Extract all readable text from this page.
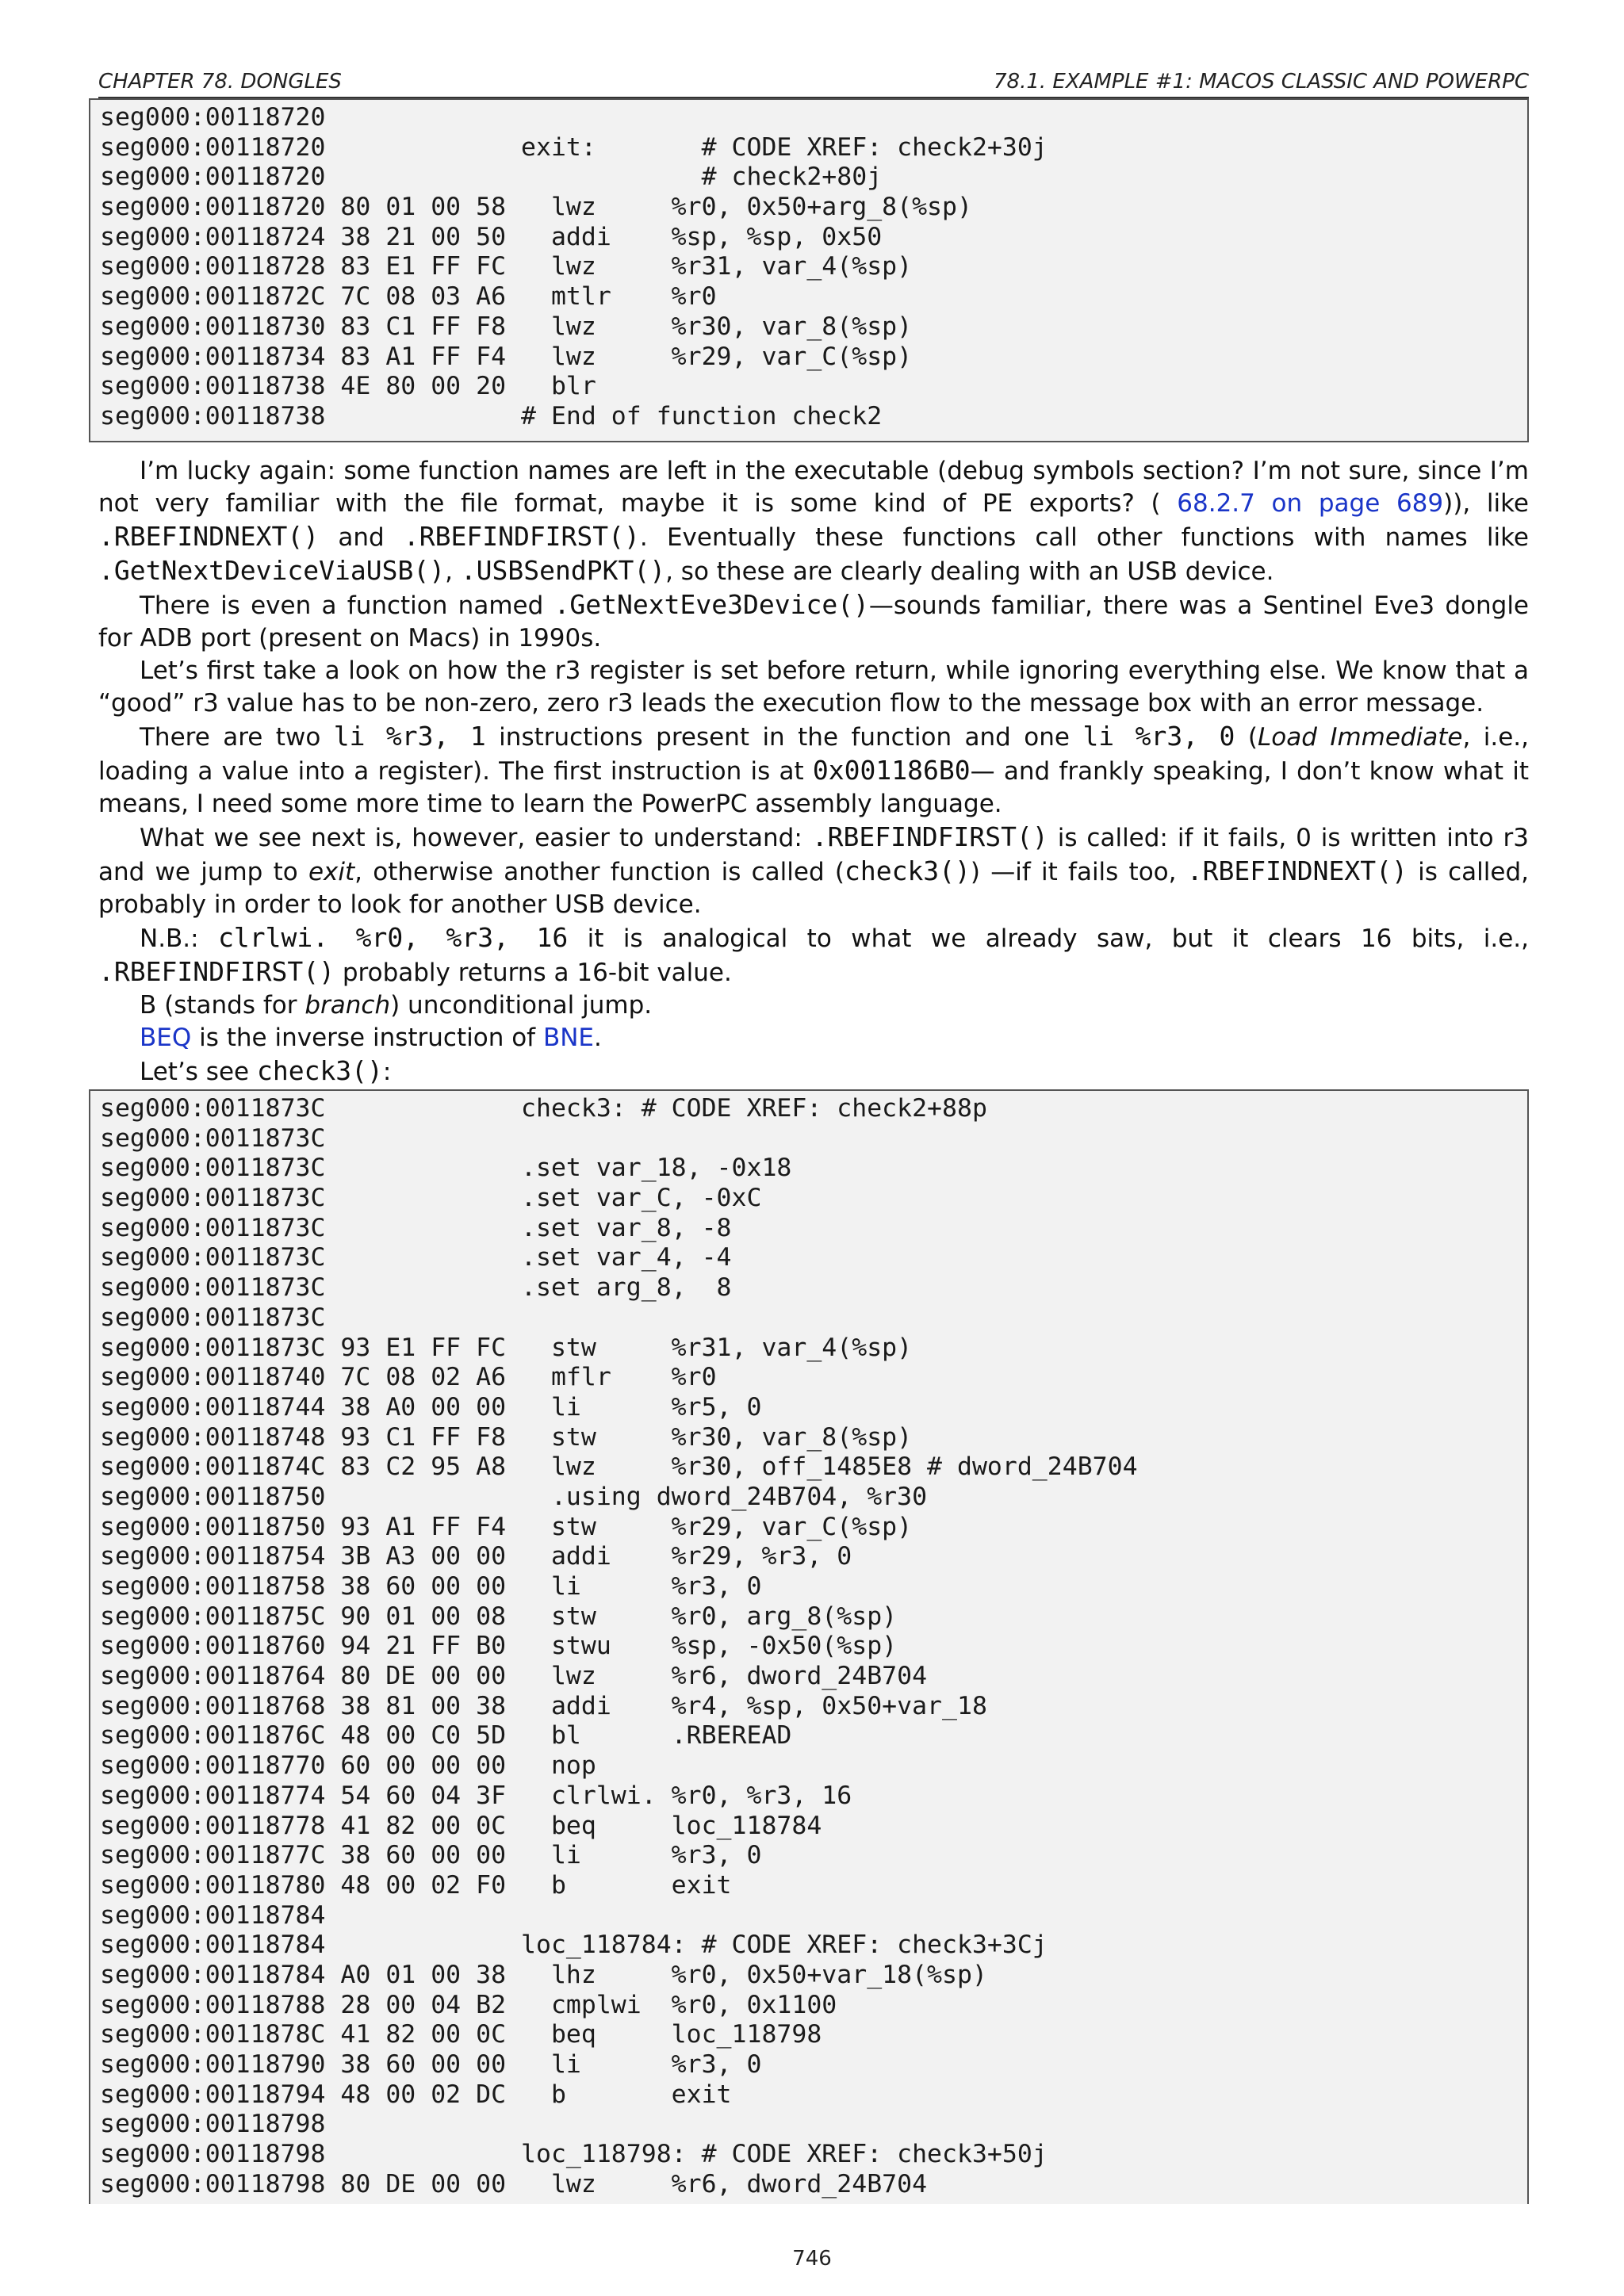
CHAPTER 78. DONGLES	78.1. EXAMPLE #1: MACOS CLASSIC AND POWERPC
seg000:00118720
seg000:00118720             exit:       # CODE XREF: check2+30j
seg000:00118720                         # check2+80j
seg000:00118720 80 01 00 58   lwz     %r0, 0x50+arg_8(%sp)
seg000:00118724 38 21 00 50   addi    %sp, %sp, 0x50
seg000:00118728 83 E1 FF FC   lwz     %r31, var_4(%sp)
seg000:0011872C 7C 08 03 A6   mtlr    %r0
seg000:00118730 83 C1 FF F8   lwz     %r30, var_8(%sp)
seg000:00118734 83 A1 FF F4   lwz     %r29, var_C(%sp)
seg000:00118738 4E 80 00 20   blr
seg000:00118738             # End of function check2

I’m lucky again: some function names are left in the executable (debug symbols section? I’m not sure, since I’m not very familiar with the file format, maybe it is some kind of PE exports? ( 68.2.7 on page 689)), like .RBEFINDNEXT() and .RBEFINDFIRST(). Eventually these functions call other functions with names like .GetNextDeviceViaUSB(), .USBSendPKT(), so these are clearly dealing with an USB device.

There is even a function named .GetNextEve3Device()—sounds familiar, there was a Sentinel Eve3 dongle for ADB port (present on Macs) in 1990s.

Let’s first take a look on how the r3 register is set before return, while ignoring everything else. We know that a “good” r3 value has to be non-zero, zero r3 leads the execution flow to the message box with an error message.

There are two li %r3, 1 instructions present in the function and one li %r3, 0 (Load Immediate, i.e., loading a value into a register). The first instruction is at 0x001186B0— and frankly speaking, I don’t know what it means, I need some more time to learn the PowerPC assembly language.

What we see next is, however, easier to understand: .RBEFINDFIRST() is called: if it fails, 0 is written into r3 and we jump to exit, otherwise another function is called (check3()) —if it fails too, .RBEFINDNEXT() is called, probably in order to look for another USB device.

N.B.: clrlwi. %r0, %r3, 16 it is analogical to what we already saw, but it clears 16 bits, i.e., .RBEFINDFIRST() probably returns a 16-bit value.

B (stands for branch) unconditional jump.

BEQ is the inverse instruction of BNE.

Let’s see check3():

seg000:0011873C             check3: # CODE XREF: check2+88p
seg000:0011873C
seg000:0011873C             .set var_18, -0x18
seg000:0011873C             .set var_C, -0xC
seg000:0011873C             .set var_8, -8
seg000:0011873C             .set var_4, -4
seg000:0011873C             .set arg_8,  8
seg000:0011873C
seg000:0011873C 93 E1 FF FC   stw     %r31, var_4(%sp)
seg000:00118740 7C 08 02 A6   mflr    %r0
seg000:00118744 38 A0 00 00   li      %r5, 0
seg000:00118748 93 C1 FF F8   stw     %r30, var_8(%sp)
seg000:0011874C 83 C2 95 A8   lwz     %r30, off_1485E8 # dword_24B704
seg000:00118750               .using dword_24B704, %r30
seg000:00118750 93 A1 FF F4   stw     %r29, var_C(%sp)
seg000:00118754 3B A3 00 00   addi    %r29, %r3, 0
seg000:00118758 38 60 00 00   li      %r3, 0
seg000:0011875C 90 01 00 08   stw     %r0, arg_8(%sp)
seg000:00118760 94 21 FF B0   stwu    %sp, -0x50(%sp)
seg000:00118764 80 DE 00 00   lwz     %r6, dword_24B704
seg000:00118768 38 81 00 38   addi    %r4, %sp, 0x50+var_18
seg000:0011876C 48 00 C0 5D   bl      .RBEREAD
seg000:00118770 60 00 00 00   nop
seg000:00118774 54 60 04 3F   clrlwi. %r0, %r3, 16
seg000:00118778 41 82 00 0C   beq     loc_118784
seg000:0011877C 38 60 00 00   li      %r3, 0
seg000:00118780 48 00 02 F0   b       exit
seg000:00118784
seg000:00118784             loc_118784: # CODE XREF: check3+3Cj
seg000:00118784 A0 01 00 38   lhz     %r0, 0x50+var_18(%sp)
seg000:00118788 28 00 04 B2   cmplwi  %r0, 0x1100
seg000:0011878C 41 82 00 0C   beq     loc_118798
seg000:00118790 38 60 00 00   li      %r3, 0
seg000:00118794 48 00 02 DC   b       exit
seg000:00118798
seg000:00118798             loc_118798: # CODE XREF: check3+50j
seg000:00118798 80 DE 00 00   lwz     %r6, dword_24B704
746
